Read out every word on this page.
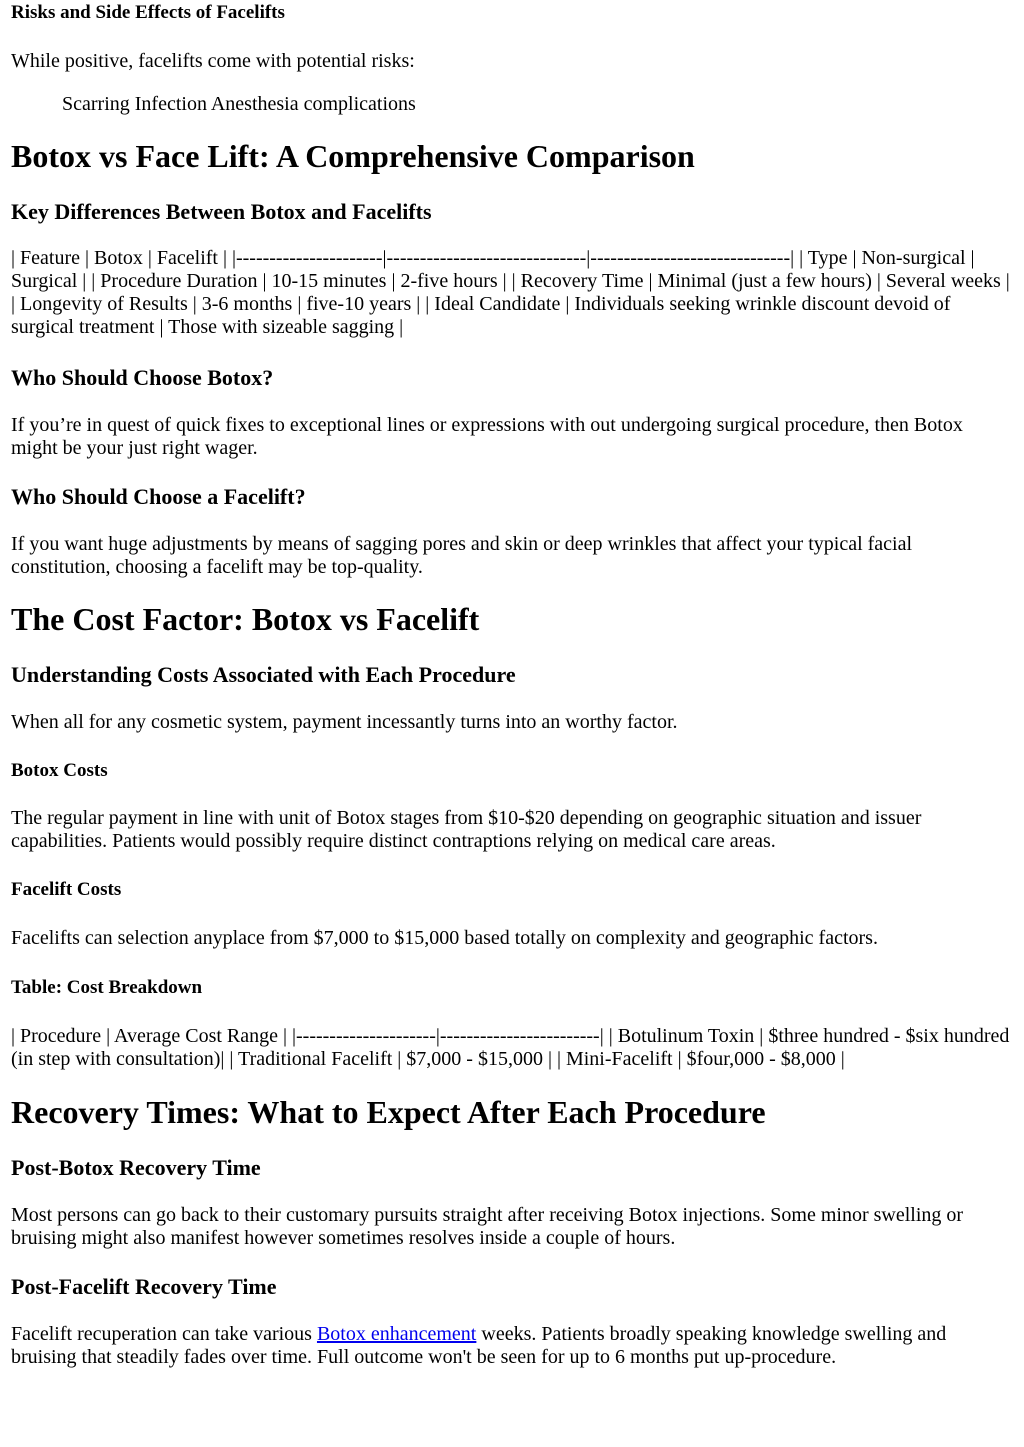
Risks and Side Effects of Facelifts

While positive, facelifts come with potential risks:

Scarring Infection Anesthesia complications
Botox vs Face Lift: A Comprehensive Comparison
Key Differences Between Botox and Facelifts

| Feature | Botox | Facelift | |----------------------|------------------------------|------------------------------| | Type | Non-surgical | Surgical | | Procedure Duration | 10-15 minutes | 2-five hours | | Recovery Time | Minimal (just a few hours) | Several weeks | | Longevity of Results | 3-6 months | five-10 years | | Ideal Candidate | Individuals seeking wrinkle discount devoid of surgical treatment | Those with sizeable sagging |

Who Should Choose Botox?

If you’re in quest of quick fixes to exceptional lines or expressions with out undergoing surgical procedure, then Botox might be your just right wager.

Who Should Choose a Facelift?

If you want huge adjustments by means of sagging pores and skin or deep wrinkles that affect your typical facial constitution, choosing a facelift may be top-quality.

The Cost Factor: Botox vs Facelift
Understanding Costs Associated with Each Procedure

When all for any cosmetic system, payment incessantly turns into an worthy factor.

Botox Costs

The regular payment in line with unit of Botox stages from $10-$20 depending on geographic situation and issuer capabilities. Patients would possibly require distinct contraptions relying on medical care areas.

Facelift Costs

Facelifts can selection anyplace from $7,000 to $15,000 based totally on complexity and geographic factors.

Table: Cost Breakdown

| Procedure | Average Cost Range | |---------------------|------------------------| | Botulinum Toxin | $three hundred - $six hundred (in step with consultation)| | Traditional Facelift | $7,000 - $15,000 | | Mini-Facelift | $four,000 - $8,000 |

Recovery Times: What to Expect After Each Procedure
Post-Botox Recovery Time

Most persons can go back to their customary pursuits straight after receiving Botox injections. Some minor swelling or bruising might also manifest however sometimes resolves inside a couple of hours.

Post-Facelift Recovery Time

Facelift recuperation can take various Botox enhancement weeks. Patients broadly speaking knowledge swelling and bruising that steadily fades over time. Full outcome won't be seen for up to 6 months put up-procedure.
